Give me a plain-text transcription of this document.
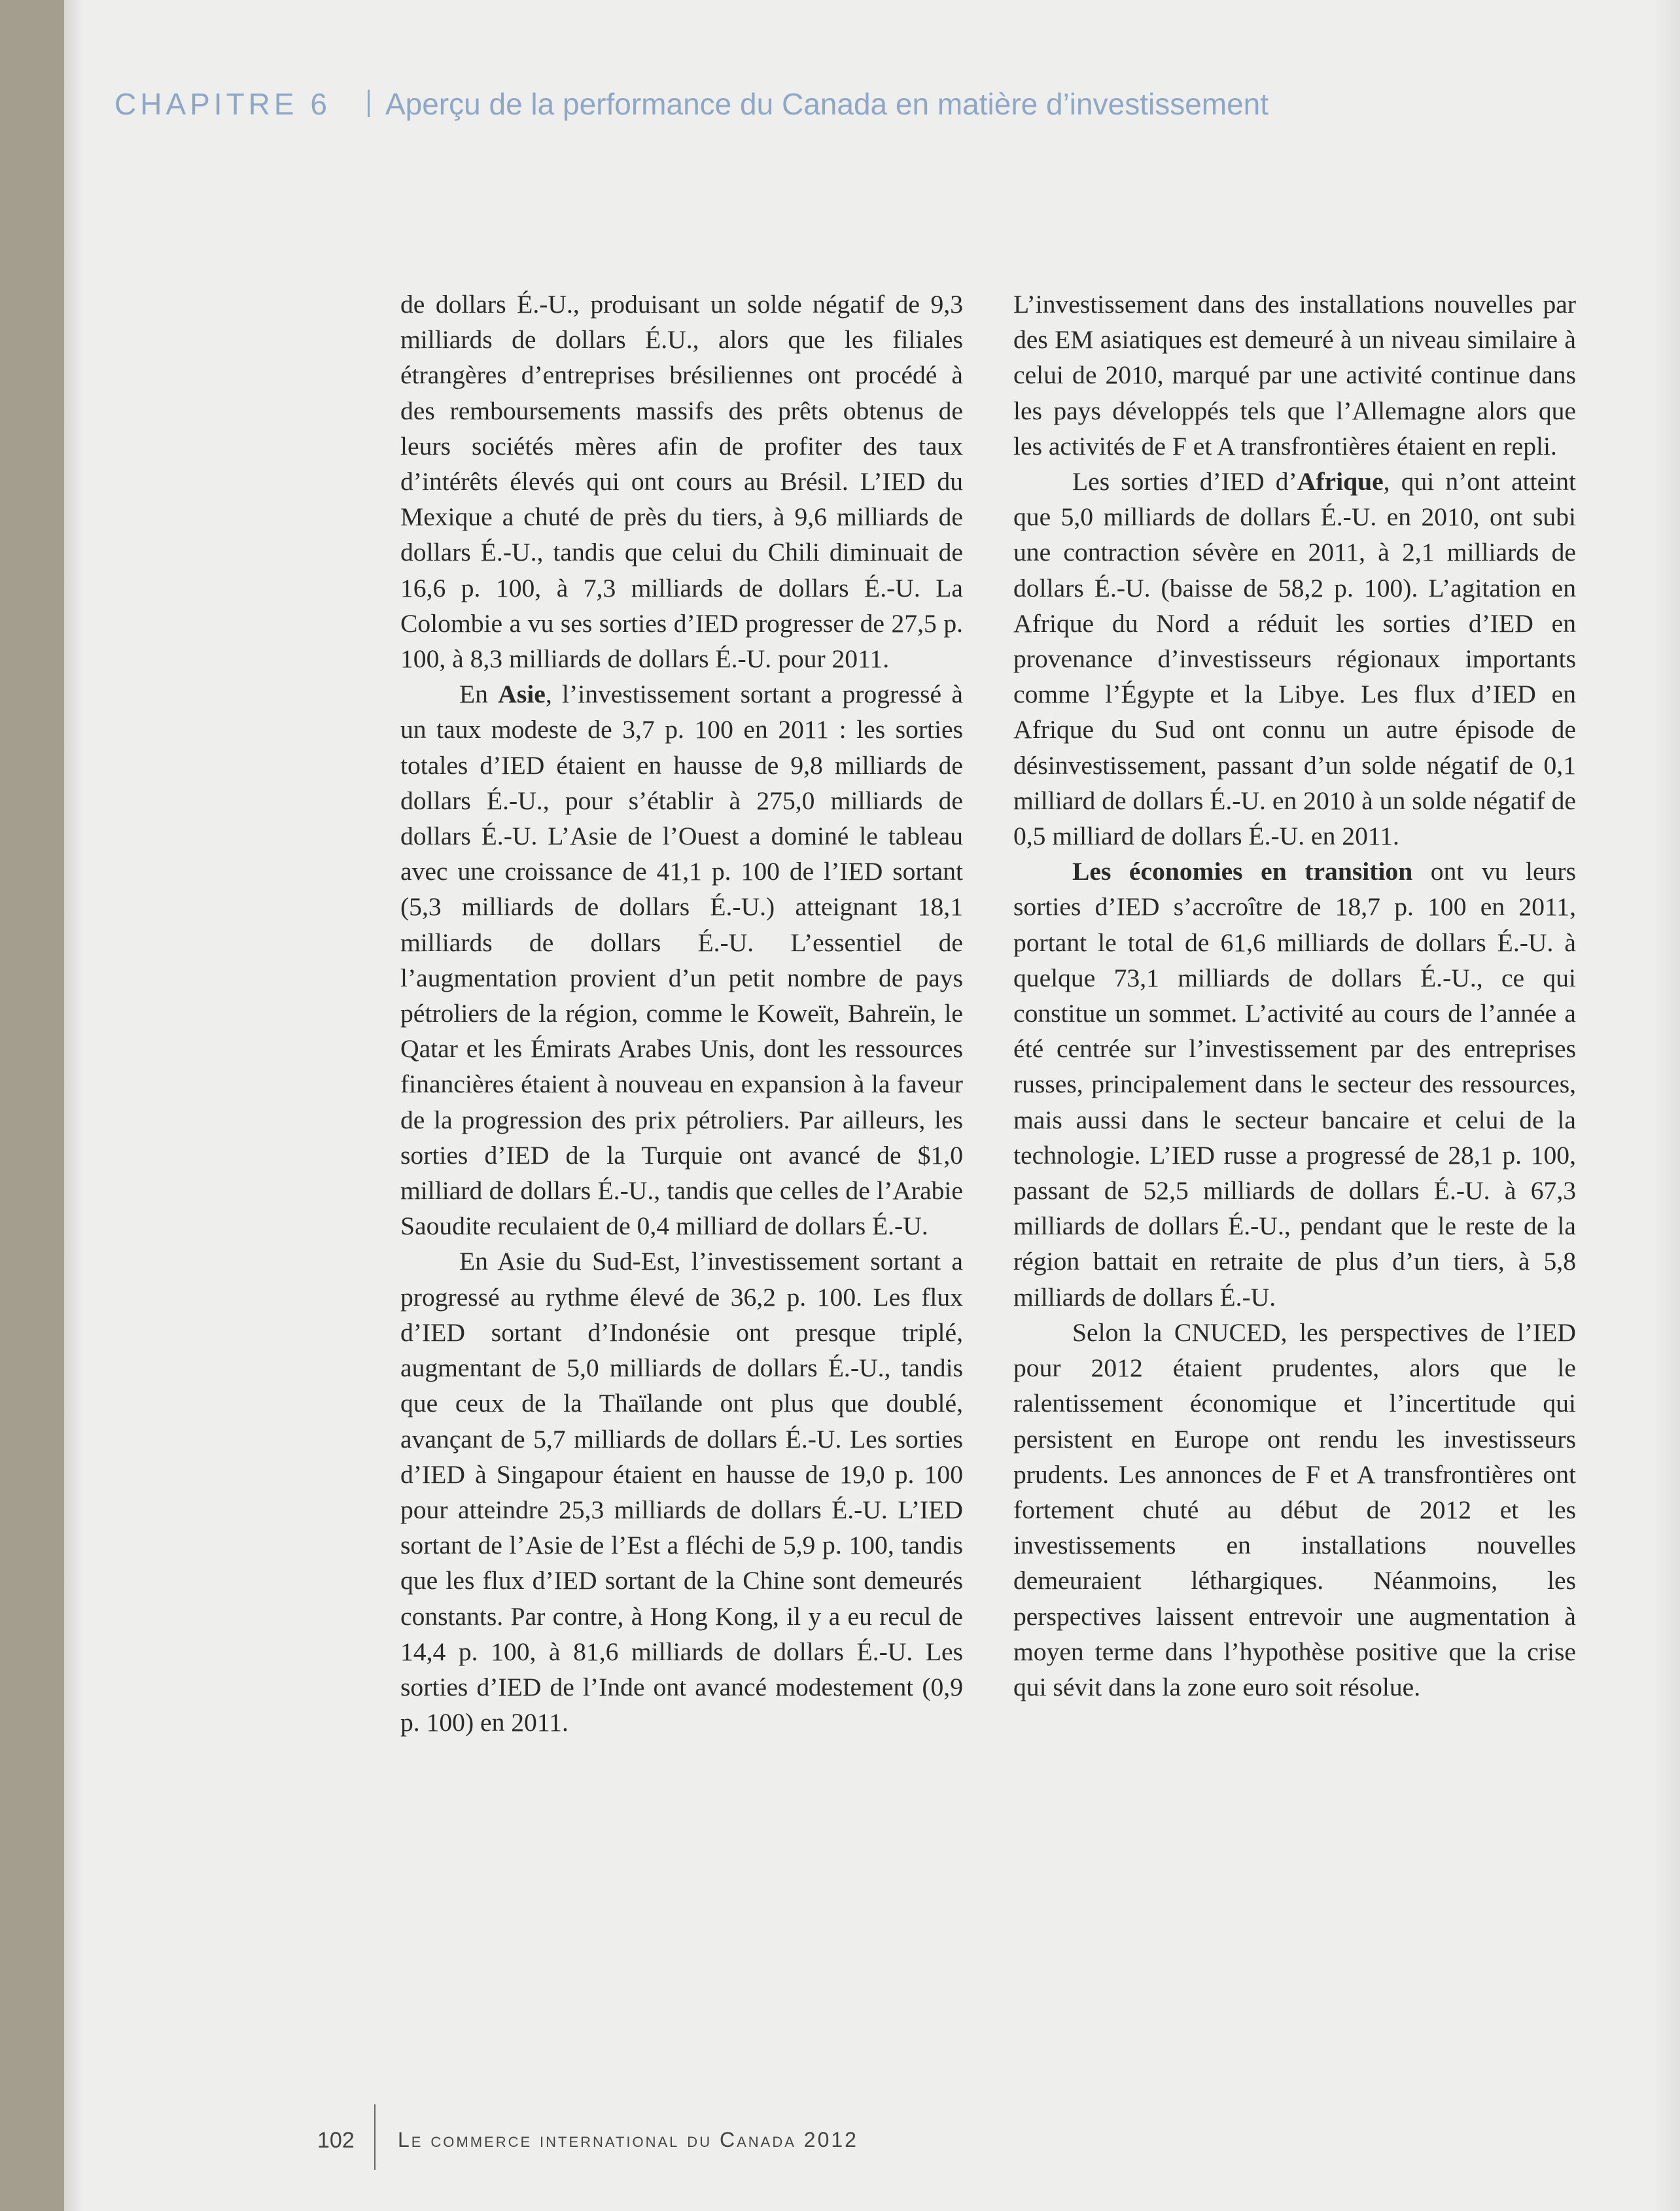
CHAPITRE 6 Aperçu de la performance du Canada en matière d’investissement

de dollars É.-U., produisant un solde négatif de 9,3 milliards de dollars É.U., alors que les filiales étrangères d’entreprises brésiliennes ont procédé à des remboursements massifs des prêts obtenus de leurs sociétés mères afin de profiter des taux d’intérêts élevés qui ont cours au Brésil. L’IED du Mexique a chuté de près du tiers, à 9,6 milliards de dollars É.-U., tandis que celui du Chili diminuait de 16,6 p. 100, à 7,3 milliards de dollars É.-U. La Colombie a vu ses sorties d’IED progresser de 27,5 p. 100, à 8,3 milliards de dollars É.-U. pour 2011.

En Asie, l’investissement sortant a progressé à un taux modeste de 3,7 p. 100 en 2011 : les sorties totales d’IED étaient en hausse de 9,8 milliards de dollars É.-U., pour s’établir à 275,0 milliards de dollars É.-U. L’Asie de l’Ouest a dominé le tableau avec une croissance de 41,1 p. 100 de l’IED sortant (5,3 milliards de dollars É.-U.) atteignant 18,1 milliards de dollars É.-U. L’essentiel de l’augmentation provient d’un petit nombre de pays pétroliers de la région, comme le Koweït, Bahreïn, le Qatar et les Émirats Arabes Unis, dont les ressources financières étaient à nouveau en expansion à la faveur de la progression des prix pétroliers. Par ailleurs, les sorties d’IED de la Turquie ont avancé de $1,0 milliard de dollars É.-U., tandis que celles de l’Arabie Saoudite reculaient de 0,4 milliard de dollars É.-U.

En Asie du Sud-Est, l’investissement sortant a progressé au rythme élevé de 36,2 p. 100. Les flux d’IED sortant d’Indonésie ont presque triplé, augmentant de 5,0 milliards de dollars É.-U., tandis que ceux de la Thaïlande ont plus que doublé, avançant de 5,7 milliards de dollars É.-U. Les sorties d’IED à Singapour étaient en hausse de 19,0 p. 100 pour atteindre 25,3 milliards de dollars É.-U. L’IED sortant de l’Asie de l’Est a fléchi de 5,9 p. 100, tandis que les flux d’IED sortant de la Chine sont demeurés constants. Par contre, à Hong Kong, il y a eu recul de 14,4 p. 100, à 81,6 milliards de dollars É.-U. Les sorties d’IED de l’Inde ont avancé modestement (0,9 p. 100) en 2011.

L’investissement dans des installations nouvelles par des EM asiatiques est demeuré à un niveau similaire à celui de 2010, marqué par une activité continue dans les pays développés tels que l’Allemagne alors que les activités de F et A transfrontières étaient en repli.

Les sorties d’IED d’Afrique, qui n’ont atteint que 5,0 milliards de dollars É.-U. en 2010, ont subi une contraction sévère en 2011, à 2,1 milliards de dollars É.-U. (baisse de 58,2 p. 100). L’agitation en Afrique du Nord a réduit les sorties d’IED en provenance d’investisseurs régionaux importants comme l’Égypte et la Libye. Les flux d’IED en Afrique du Sud ont connu un autre épisode de désinvestissement, passant d’un solde négatif de 0,1 milliard de dollars É.-U. en 2010 à un solde négatif de 0,5 milliard de dollars É.-U. en 2011.

Les économies en transition ont vu leurs sorties d’IED s’accroître de 18,7 p. 100 en 2011, portant le total de 61,6 milliards de dollars É.-U. à quelque 73,1 milliards de dollars É.-U., ce qui constitue un sommet. L’activité au cours de l’année a été centrée sur l’investissement par des entreprises russes, principalement dans le secteur des ressources, mais aussi dans le secteur bancaire et celui de la technologie. L’IED russe a progressé de 28,1 p. 100, passant de 52,5 milliards de dollars É.-U. à 67,3 milliards de dollars É.-U., pendant que le reste de la région battait en retraite de plus d’un tiers, à 5,8 milliards de dollars É.-U.

Selon la CNUCED, les perspectives de l’IED pour 2012 étaient prudentes, alors que le ralentissement économique et l’incertitude qui persistent en Europe ont rendu les investisseurs prudents. Les annonces de F et A transfrontières ont fortement chuté au début de 2012 et les investissements en installations nouvelles demeuraient léthargiques. Néanmoins, les perspectives laissent entrevoir une augmentation à moyen terme dans l’hypothèse positive que la crise qui sévit dans la zone euro soit résolue.

102 Le commerce international du Canada 2012
